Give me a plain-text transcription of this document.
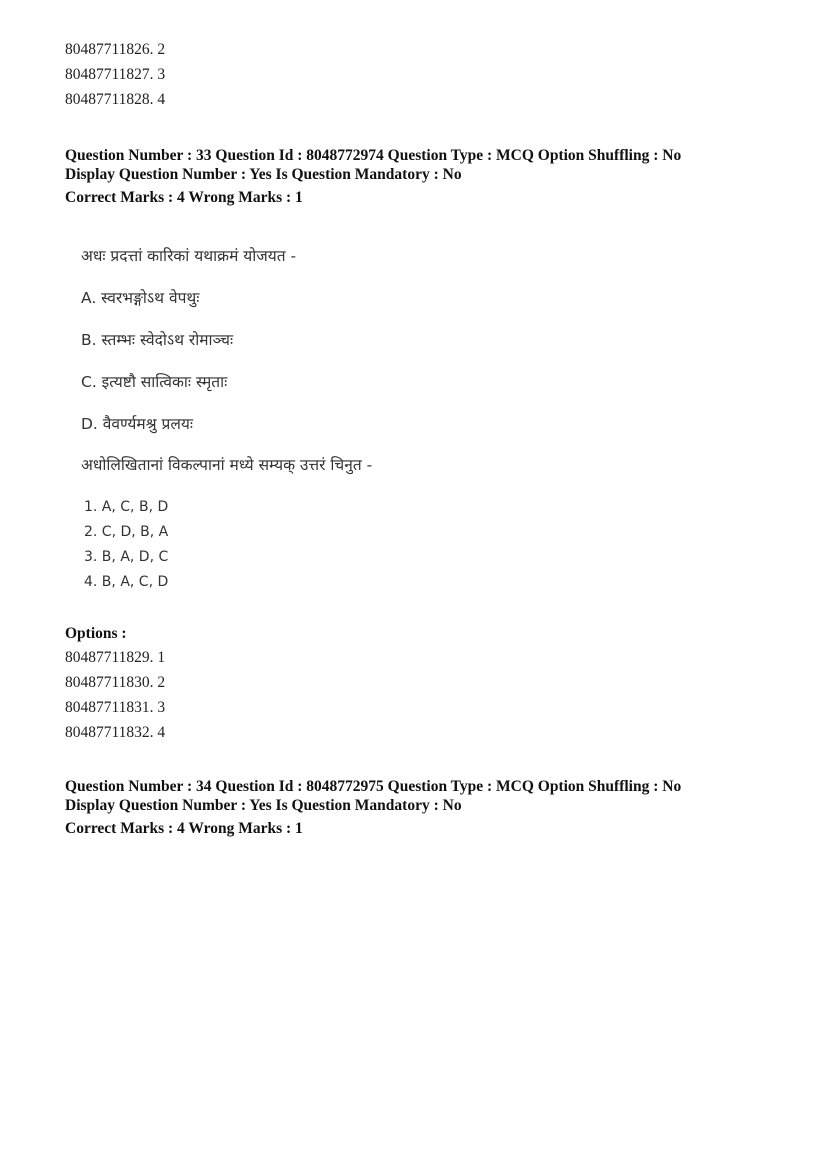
80487711826. 2
80487711827. 3
80487711828. 4
Question Number : 33 Question Id : 8048772974 Question Type : MCQ Option Shuffling : No
Display Question Number : Yes Is Question Mandatory : No
Correct Marks : 4 Wrong Marks : 1
अधः प्रदत्तां कारिकां यथाक्रमं योजयत -
A. स्वरभङ्गोऽथ वेपथुः
B. स्तम्भः स्वेदोऽथ रोमाञ्चः
C. इत्यष्टौ सात्विकाः स्मृताः
D. वैवर्ण्यमश्रु प्रलयः
अधोलिखितानां विकल्पानां मध्ये सम्यक् उत्तरं चिनुत -
1. A, C, B, D
2. C, D, B, A
3. B, A, D, C
4. B, A, C, D
Options :
80487711829. 1
80487711830. 2
80487711831. 3
80487711832. 4
Question Number : 34 Question Id : 8048772975 Question Type : MCQ Option Shuffling : No
Display Question Number : Yes Is Question Mandatory : No
Correct Marks : 4 Wrong Marks : 1
